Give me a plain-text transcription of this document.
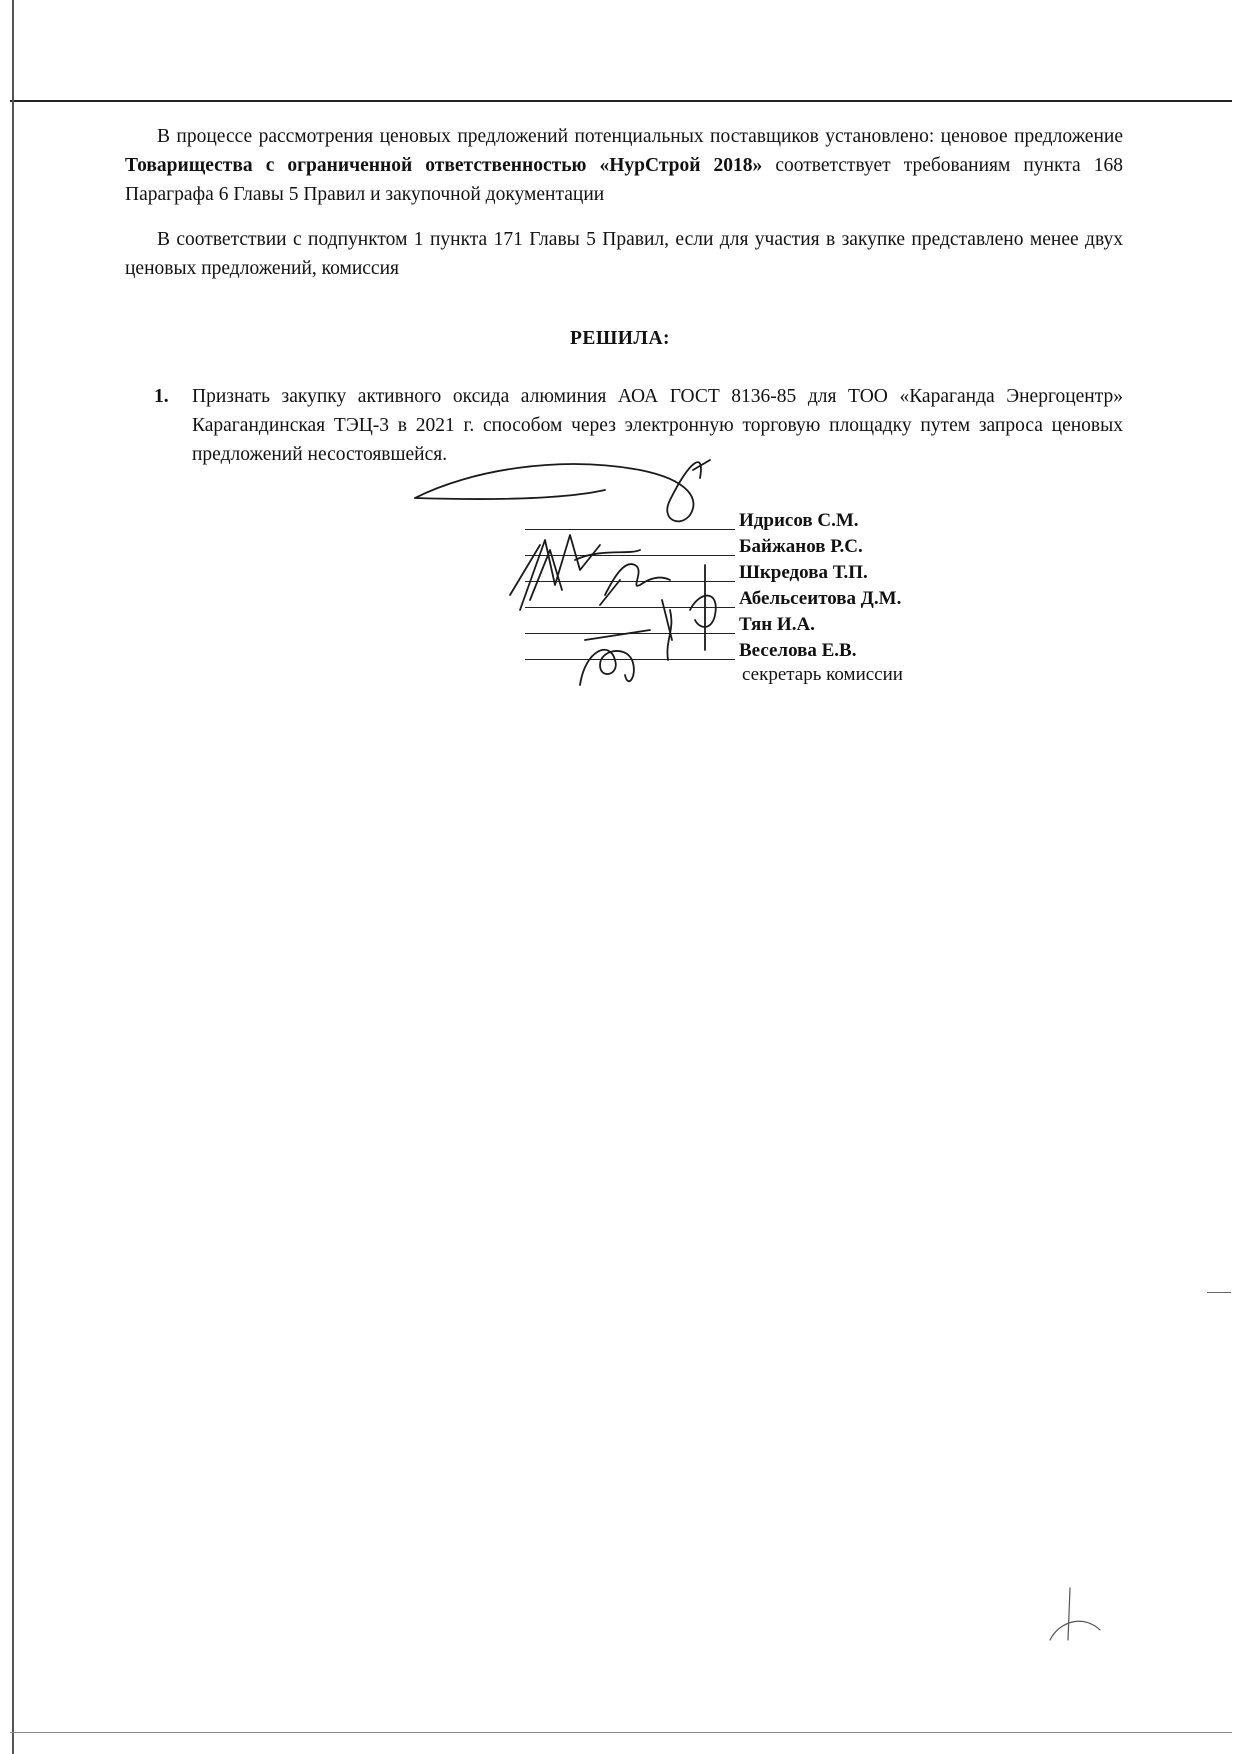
В процессе рассмотрения ценовых предложений потенциальных поставщиков установлено: ценовое предложение Товарищества с ограниченной ответственностью «НурСтрой 2018» соответствует требованиям пункта 168 Параграфа 6 Главы 5 Правил и закупочной документации
В соответствии с подпунктом 1 пункта 171 Главы 5 Правил, если для участия в закупке представлено менее двух ценовых предложений, комиссия
РЕШИЛА:
1.	Признать закупку активного оксида алюминия АОА ГОСТ 8136-85 для ТОО «Караганда Энергоцентр» Карагандинская ТЭЦ-3 в 2021 г. способом через электронную торговую площадку путем запроса ценовых предложений несостоявшейся.
Идрисов С.М.
Байжанов Р.С.
Шкредова Т.П.
Абельсеитова Д.М.
Тян И.А.
Веселова Е.В.
секретарь комиссии
